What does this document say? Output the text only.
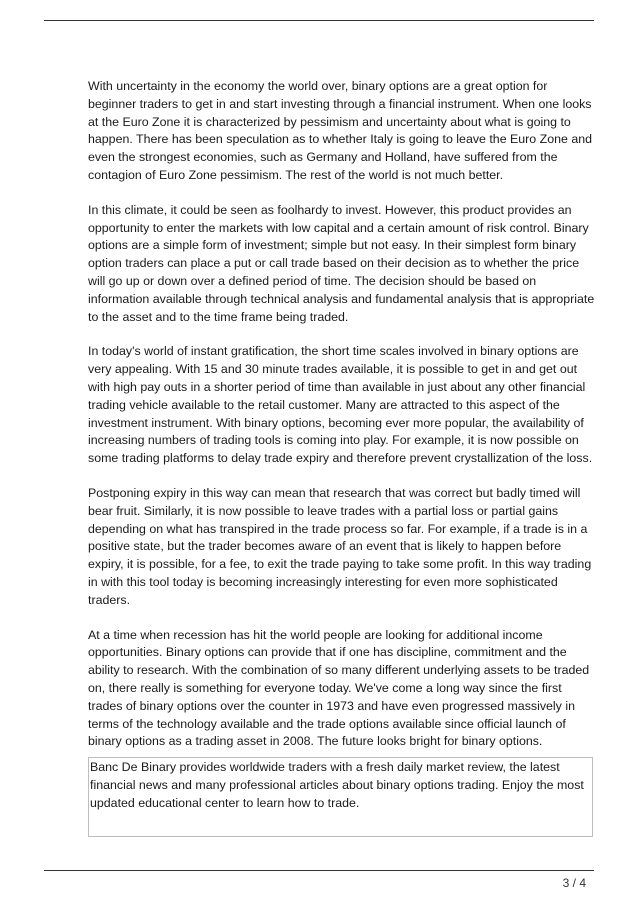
With uncertainty in the economy the world over, binary options are a great option for beginner traders to get in and start investing through a financial instrument. When one looks at the Euro Zone it is characterized by pessimism and uncertainty about what is going to happen. There has been speculation as to whether Italy is going to leave the Euro Zone and even the strongest economies, such as Germany and Holland, have suffered from the contagion of Euro Zone pessimism. The rest of the world is not much better.

In this climate, it could be seen as foolhardy to invest. However, this product provides an opportunity to enter the markets with low capital and a certain amount of risk control. Binary options are a simple form of investment; simple but not easy. In their simplest form binary option traders can place a put or call trade based on their decision as to whether the price will go up or down over a defined period of time. The decision should be based on information available through technical analysis and fundamental analysis that is appropriate to the asset and to the time frame being traded.

In today's world of instant gratification, the short time scales involved in binary options are very appealing. With 15 and 30 minute trades available, it is possible to get in and get out with high pay outs in a shorter period of time than available in just about any other financial trading vehicle available to the retail customer. Many are attracted to this aspect of the investment instrument. With binary options, becoming ever more popular, the availability of increasing numbers of trading tools is coming into play. For example, it is now possible on some trading platforms to delay trade expiry and therefore prevent crystallization of the loss.

Postponing expiry in this way can mean that research that was correct but badly timed will bear fruit. Similarly, it is now possible to leave trades with a partial loss or partial gains depending on what has transpired in the trade process so far. For example, if a trade is in a positive state, but the trader becomes aware of an event that is likely to happen before expiry, it is possible, for a fee, to exit the trade paying to take some profit. In this way trading in with this tool today is becoming increasingly interesting for even more sophisticated traders.

At a time when recession has hit the world people are looking for additional income opportunities. Binary options can provide that if one has discipline, commitment and the ability to research. With the combination of so many different underlying assets to be traded on, there really is something for everyone today. We've come a long way since the first trades of binary options over the counter in 1973 and have even progressed massively in terms of the technology available and the trade options available since official launch of binary options as a trading asset in 2008. The future looks bright for binary options.

Banc De Binary provides worldwide traders with a fresh daily market review, the latest financial news and many professional articles about binary options trading. Enjoy the most updated educational center to learn how to trade.
3 / 4
